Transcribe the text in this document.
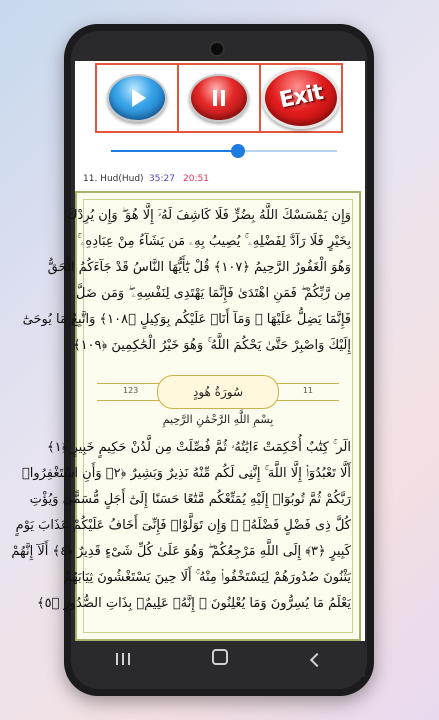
Exit
11. Hud(Hud) 35:27 20:51
وَإِن يَمْسَسْكَ اللَّهُ بِضُرٍّ فَلَا كَاشِفَ لَهُۥٓ إِلَّا هُوَ ۖ وَإِن يُرِدْكَ
بِخَيْرٍ فَلَا رَآدَّ لِفَضْلِهِۦ ۚ يُصِيبُ بِهِۦ مَن يَشَآءُ مِنْ عِبَادِهِۦ ۚ
وَهُوَ الْغَفُورُ الرَّحِيمُ ﴿١٠٧﴾ قُلْ يَٰٓأَيُّهَا النَّاسُ قَدْ جَآءَكُمُ الْحَقُّ
مِن رَّبِّكُمْ ۖ فَمَنِ اهْتَدَىٰ فَإِنَّمَا يَهْتَدِى لِنَفْسِهِۦ ۖ وَمَن ضَلَّ
فَإِنَّمَا يَضِلُّ عَلَيْهَا ۖ وَمَآ أَنَا۠ عَلَيْكُم بِوَكِيلٍ ﴿١٠٨﴾ وَاتَّبِعْ مَا يُوحَىٰٓ
إِلَيْكَ وَاصْبِرْ حَتَّىٰ يَحْكُمَ اللَّهُ ۚ وَهُوَ خَيْرُ الْحَٰكِمِينَ ﴿١٠٩﴾
123	سُورَةُ هُودٍ	11
بِسْمِ اللَّهِ الرَّحْمَٰنِ الرَّحِيمِ
الٓر ۚ كِتَٰبٌ أُحْكِمَتْ ءَايَٰتُهُۥ ثُمَّ فُصِّلَتْ مِن لَّدُنْ حَكِيمٍ خَبِيرٍ ﴿١﴾
أَلَّا تَعْبُدُوٓا۟ إِلَّا اللَّهَ ۚ إِنَّنِى لَكُم مِّنْهُ نَذِيرٌ وَبَشِيرٌ ﴿٢﴾ وَأَنِ اسْتَغْفِرُوا۟
رَبَّكُمْ ثُمَّ تُوبُوٓا۟ إِلَيْهِ يُمَتِّعْكُم مَّتَٰعًا حَسَنًا إِلَىٰٓ أَجَلٍ مُّسَمًّى وَيُؤْتِ
كُلَّ ذِى فَضْلٍ فَضْلَهُۥ ۖ وَإِن تَوَلَّوْا۟ فَإِنِّىٓ أَخَافُ عَلَيْكُمْ عَذَابَ يَوْمٍ
كَبِيرٍ ﴿٣﴾ إِلَى اللَّهِ مَرْجِعُكُمْ ۖ وَهُوَ عَلَىٰ كُلِّ شَىْءٍ قَدِيرٌ ﴿٤﴾ أَلَآ إِنَّهُمْ
يَثْنُونَ صُدُورَهُمْ لِيَسْتَخْفُوا۟ مِنْهُ ۚ أَلَا حِينَ يَسْتَغْشُونَ ثِيَابَهُمْ
يَعْلَمُ مَا يُسِرُّونَ وَمَا يُعْلِنُونَ ۚ إِنَّهُۥ عَلِيمٌۢ بِذَاتِ الصُّدُورِ ﴿٥﴾
